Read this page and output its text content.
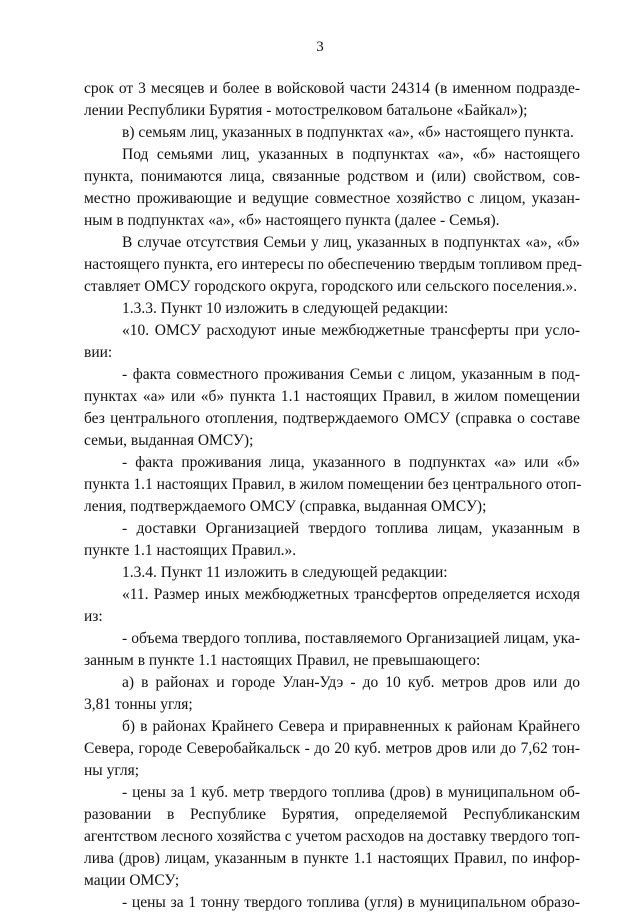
3
срок от 3 месяцев и более в войсковой части 24314 (в именном подразде-
лении Республики Бурятия - мотострелковом батальоне «Байкал»);
в) семьям лиц, указанных в подпунктах «а», «б» настоящего пункта.
Под семьями лиц, указанных в подпунктах «а», «б» настоящего
пункта, понимаются лица, связанные родством и (или) свойством, сов-
местно проживающие и ведущие совместное хозяйство с лицом, указан-
ным в подпунктах «а», «б» настоящего пункта (далее - Семья).
В случае отсутствия Семьи у лиц, указанных в подпунктах «а», «б»
настоящего пункта, его интересы по обеспечению твердым топливом пред-
ставляет ОМСУ городского округа, городского или сельского поселения.».
1.3.3. Пункт 10 изложить в следующей редакции:
«10. ОМСУ расходуют иные межбюджетные трансферты при усло-
вии:
- факта совместного проживания Семьи с лицом, указанным в под-
пунктах «а» или «б» пункта 1.1 настоящих Правил, в жилом помещении
без центрального отопления, подтверждаемого ОМСУ (справка о составе
семьи, выданная ОМСУ);
- факта проживания лица, указанного в подпунктах «а» или «б»
пункта 1.1 настоящих Правил, в жилом помещении без центрального отоп-
ления, подтверждаемого ОМСУ (справка, выданная ОМСУ);
- доставки Организацией твердого топлива лицам, указанным в
пункте 1.1 настоящих Правил.».
1.3.4. Пункт 11 изложить в следующей редакции:
«11. Размер иных межбюджетных трансфертов определяется исходя
из:
- объема твердого топлива, поставляемого Организацией лицам, ука-
занным в пункте 1.1 настоящих Правил, не превышающего:
а) в районах и городе Улан-Удэ - до 10 куб. метров дров или до
3,81 тонны угля;
б) в районах Крайнего Севера и приравненных к районам Крайнего
Севера, городе Северобайкальск - до 20 куб. метров дров или до 7,62 тон-
ны угля;
- цены за 1 куб. метр твердого топлива (дров) в муниципальном об-
разовании в Республике Бурятия, определяемой Республиканским
агентством лесного хозяйства с учетом расходов на доставку твердого топ-
лива (дров) лицам, указанным в пункте 1.1 настоящих Правил, по инфор-
мации ОМСУ;
- цены за 1 тонну твердого топлива (угля) в муниципальном образо-
